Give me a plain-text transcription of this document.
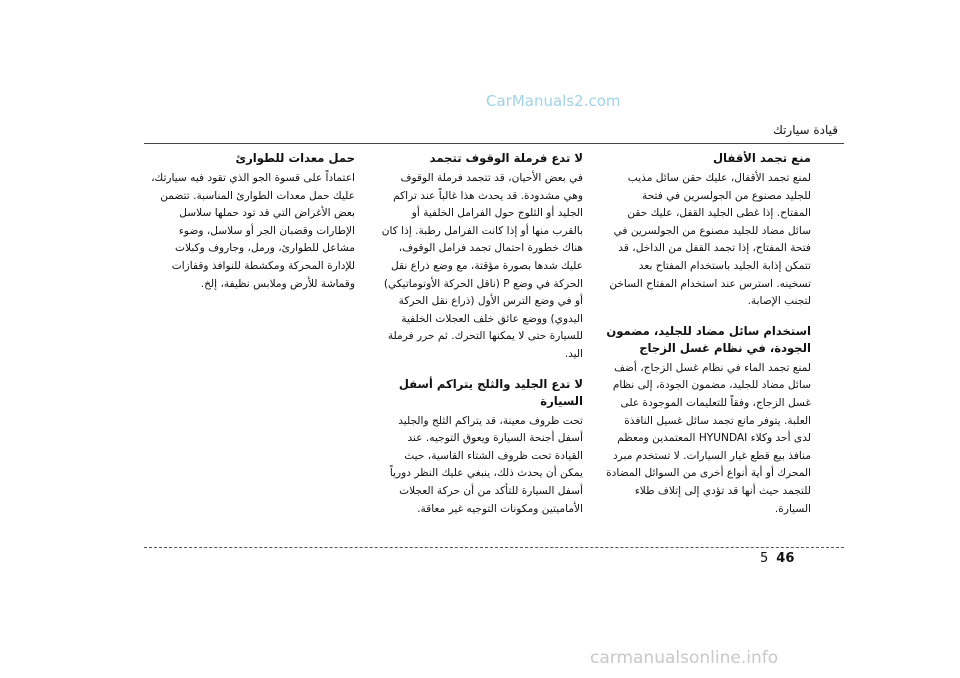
CarManuals2.com
قيادة سيارتك
منع تجمد الأقفال

لمنع تجمد الأقفال، عليك حقن سائل مذيب للجليد مصنوع من الجولسرين في فتحة المفتاح. إذا غطى الجليد القفل، عليك حقن سائل مضاد للجليد مصنوع من الجولسرين في فتحة المفتاح، إذا تجمد القفل من الداخل، قد تتمكن إذابة الجليد باستخدام المفتاح بعد تسخينه. استرس عند استخدام المفتاح الساخن لتجنب الإصابة.

استخدام سائل مضاد للجليد، مضمون الجودة، في نظام غسل الزجاج

لمنع تجمد الماء في نظام غسل الزجاج، أضف سائل مضاد للجليد، مضمون الجودة، إلى نظام غسل الزجاج، وفقاً للتعليمات الموجودة على العلبة. يتوفر مانع تجمد سائل غسيل النافذة لدى أحد وكلاء HYUNDAI المعتمدين ومعظم منافذ بيع قطع غيار السيارات. لا تستخدم مبرد المحرك أو أية أنواع أخرى من السوائل المضادة للتجمد حيث أنها قد تؤدي إلى إتلاف طلاء السيارة.

لا تدع فرملة الوقوف تتجمد

في بعض الأحيان، قد تتجمد فرملة الوقوف وهي مشدودة. قد يحدث هذا غالباً عند تراكم الجليد أو الثلوج حول الفرامل الخلفية أو بالقرب منها أو إذا كانت الفرامل رطبة. إذا كان هناك خطورة احتمال تجمد فرامل الوقوف، عليك شدها بصورة مؤقتة، مع وضع ذراع نقل الحركة في وضع P (ناقل الحركة الأوتوماتيكي) أو في وضع الترس الأول (ذراع نقل الحركة اليدوي) ووضع عائق خلف العجلات الخلفية للسيارة حتى لا يمكنها التحرك. ثم حرر فرملة اليد.

لا تدع الجليد والثلج يتراكم أسفل السيارة

تحت ظروف معينة، قد يتراكم الثلج والجليد أسفل أجنحة السيارة ويعوق التوجيه. عند القيادة تحت ظروف الشتاء القاسية، حيث يمكن أن يحدث ذلك، ينبغي عليك النظر دورياً أسفل السيارة للتأكد من أن حركة العجلات الأماميتين ومكونات التوجيه غير معاقة.

حمل معدات للطوارئ

اعتماداً على قسوة الجو الذي تقود فيه سيارتك، عليك حمل معدات الطوارئ المناسبة. تتضمن بعض الأغراض التي قد تود حملها سلاسل الإطارات وقضبان الجر أو سلاسل، وضوء مشاعل للطوارئ، ورمل، وجاروف وكبلات للإدارة المحركة ومكشطة للنوافذ وقفازات وقماشة للأرض وملابس نظيفة، إلخ.

5 46
carmanualsonline.info
